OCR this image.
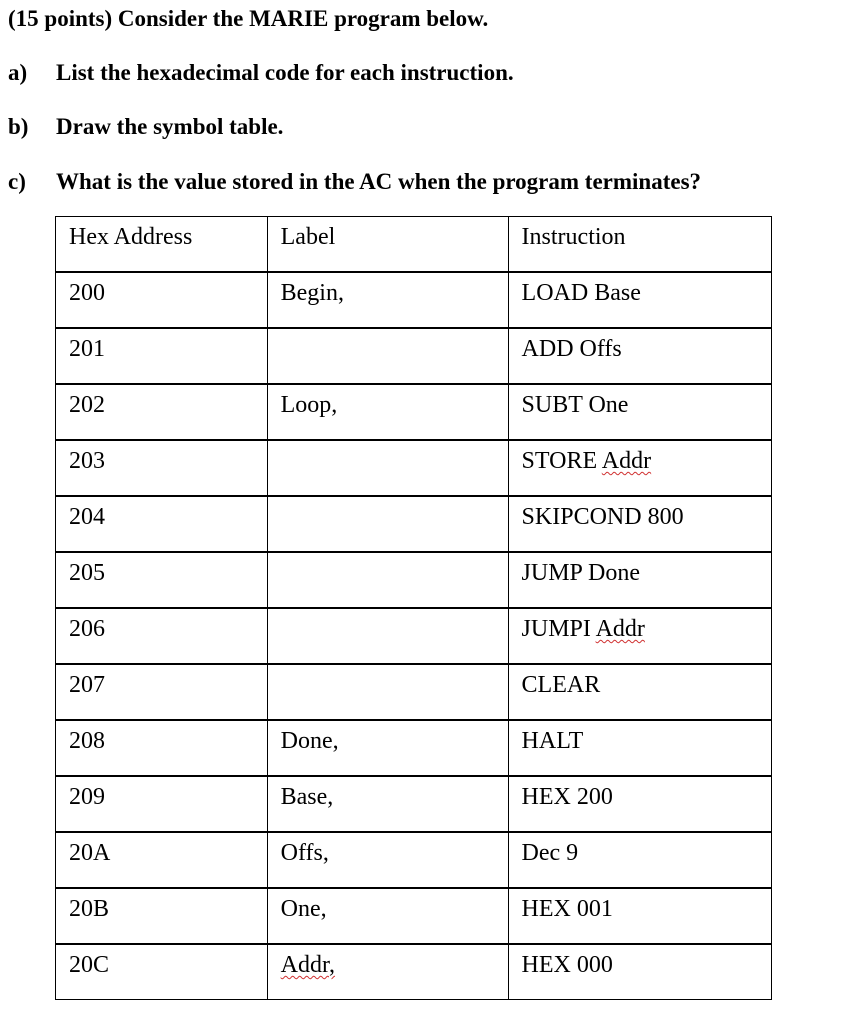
(15 points) Consider the MARIE program below.
a) List the hexadecimal code for each instruction.
b) Draw the symbol table.
c) What is the value stored in the AC when the program terminates?
Hex Address	Label	Instruction
200	Begin,	LOAD Base
201		ADD Offs
202	Loop,	SUBT One
203		STORE Addr
204		SKIPCOND 800
205		JUMP Done
206		JUMPI Addr
207		CLEAR
208	Done,	HALT
209	Base,	HEX 200
20A	Offs,	Dec 9
20B	One,	HEX 001
20C	Addr,	HEX 000
